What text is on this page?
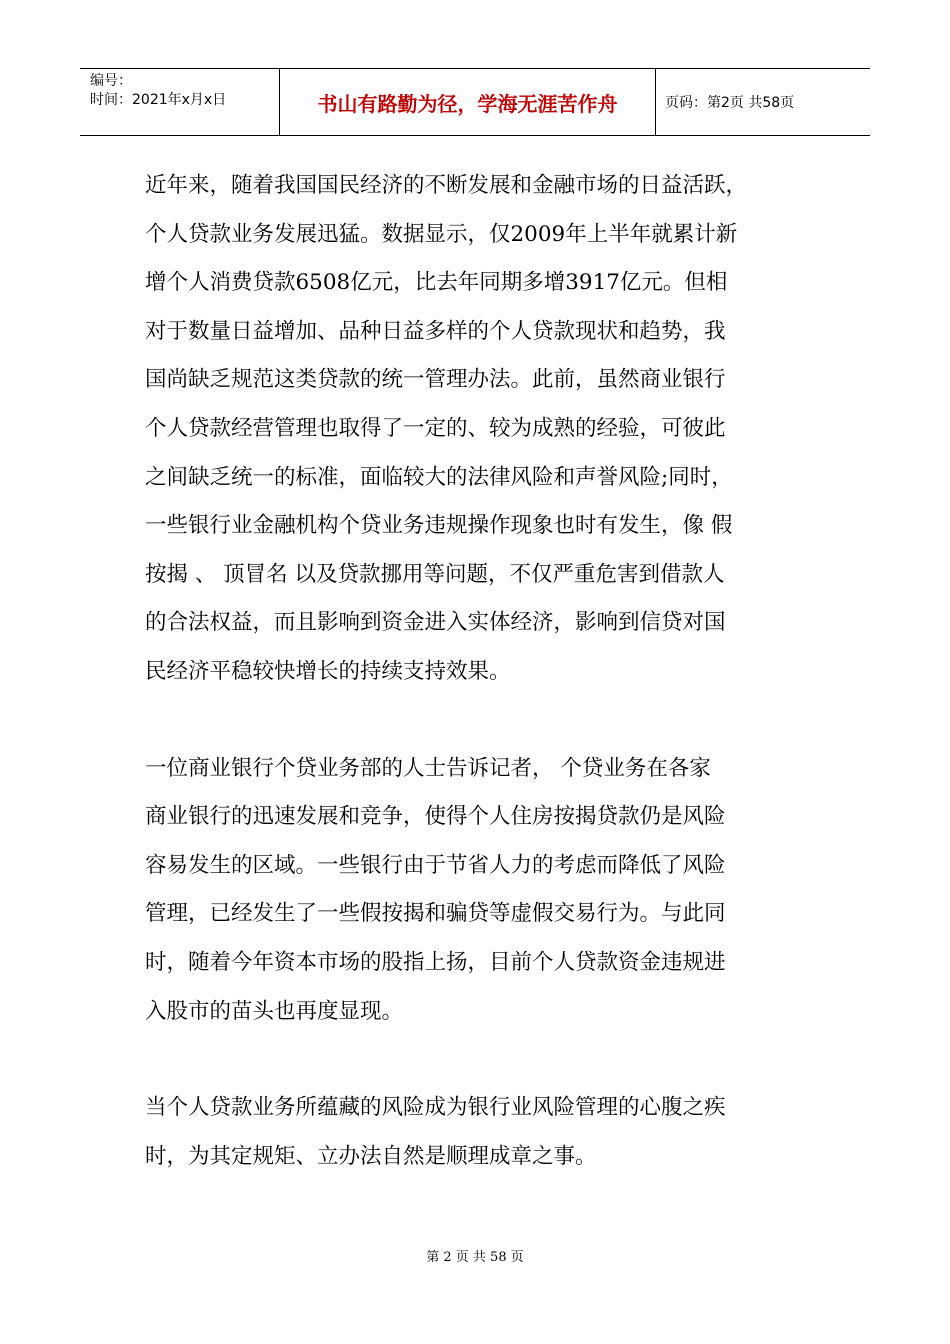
编号：
时间：2021年x月x日	书山有路勤为径，学海无涯苦作舟	页码：第2页 共58页

近年来，随着我国国民经济的不断发展和金融市场的日益活跃，
个人贷款业务发展迅猛。数据显示，仅2009年上半年就累计新
增个人消费贷款6508亿元，比去年同期多增3917亿元。但相
对于数量日益增加、品种日益多样的个人贷款现状和趋势，我
国尚缺乏规范这类贷款的统一管理办法。此前，虽然商业银行
个人贷款经营管理也取得了一定的、较为成熟的经验，可彼此
之间缺乏统一的标准，面临较大的法律风险和声誉风险;同时，
一些银行业金融机构个贷业务违规操作现象也时有发生，像 假
按揭 、 顶冒名 以及贷款挪用等问题，不仅严重危害到借款人
的合法权益，而且影响到资金进入实体经济，影响到信贷对国
民经济平稳较快增长的持续支持效果。

一位商业银行个贷业务部的人士告诉记者， 个贷业务在各家
商业银行的迅速发展和竞争，使得个人住房按揭贷款仍是风险
容易发生的区域。一些银行由于节省人力的考虑而降低了风险
管理，已经发生了一些假按揭和骗贷等虚假交易行为。与此同
时，随着今年资本市场的股指上扬，目前个人贷款资金违规进
入股市的苗头也再度显现。

当个人贷款业务所蕴藏的风险成为银行业风险管理的心腹之疾
时，为其定规矩、立办法自然是顺理成章之事。

第 2 页 共 58 页
